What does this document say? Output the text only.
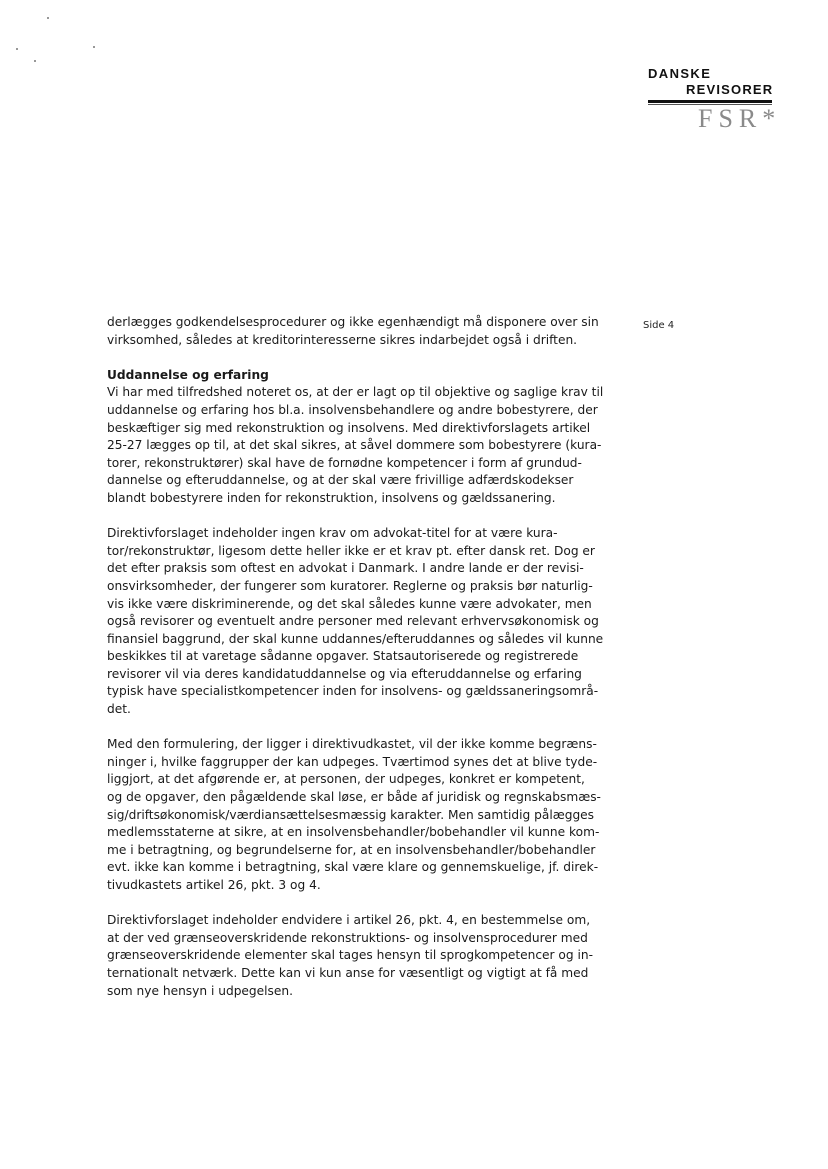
DANSKE
REVISORER
FSR*
Side 4

derlægges godkendelsesprocedurer og ikke egenhændigt må disponere over sin
virksomhed, således at kreditorinteresserne sikres indarbejdet også i driften.

Uddannelse og erfaring

Vi har med tilfredshed noteret os, at der er lagt op til objektive og saglige krav til
uddannelse og erfaring hos bl.a. insolvensbehandlere og andre bobestyrere, der
beskæftiger sig med rekonstruktion og insolvens. Med direktivforslagets artikel
25-27 lægges op til, at det skal sikres, at såvel dommere som bobestyrere (kura-
torer, rekonstruktører) skal have de fornødne kompetencer i form af grundud-
dannelse og efteruddannelse, og at der skal være frivillige adfærdskodekser
blandt bobestyrere inden for rekonstruktion, insolvens og gældssanering.

Direktivforslaget indeholder ingen krav om advokat-titel for at være kura-
tor/rekonstruktør, ligesom dette heller ikke er et krav pt. efter dansk ret. Dog er
det efter praksis som oftest en advokat i Danmark. I andre lande er der revisi-
onsvirksomheder, der fungerer som kuratorer. Reglerne og praksis bør naturlig-
vis ikke være diskriminerende, og det skal således kunne være advokater, men
også revisorer og eventuelt andre personer med relevant erhvervsøkonomisk og
finansiel baggrund, der skal kunne uddannes/efteruddannes og således vil kunne
beskikkes til at varetage sådanne opgaver. Statsautoriserede og registrerede
revisorer vil via deres kandidatuddannelse og via efteruddannelse og erfaring
typisk have specialistkompetencer inden for insolvens- og gældssaneringsområ-
det.

Med den formulering, der ligger i direktivudkastet, vil der ikke komme begræns-
ninger i, hvilke faggrupper der kan udpeges. Tværtimod synes det at blive tyde-
liggjort, at det afgørende er, at personen, der udpeges, konkret er kompetent,
og de opgaver, den pågældende skal løse, er både af juridisk og regnskabsmæs-
sig/driftsøkonomisk/værdiansættelsesmæssig karakter. Men samtidig pålægges
medlemsstaterne at sikre, at en insolvensbehandler/bobehandler vil kunne kom-
me i betragtning, og begrundelserne for, at en insolvensbehandler/bobehandler
evt. ikke kan komme i betragtning, skal være klare og gennemskuelige, jf. direk-
tivudkastets artikel 26, pkt. 3 og 4.

Direktivforslaget indeholder endvidere i artikel 26, pkt. 4, en bestemmelse om,
at der ved grænseoverskridende rekonstruktions- og insolvensprocedurer med
grænseoverskridende elementer skal tages hensyn til sprogkompetencer og in-
ternationalt netværk. Dette kan vi kun anse for væsentligt og vigtigt at få med
som nye hensyn i udpegelsen.
